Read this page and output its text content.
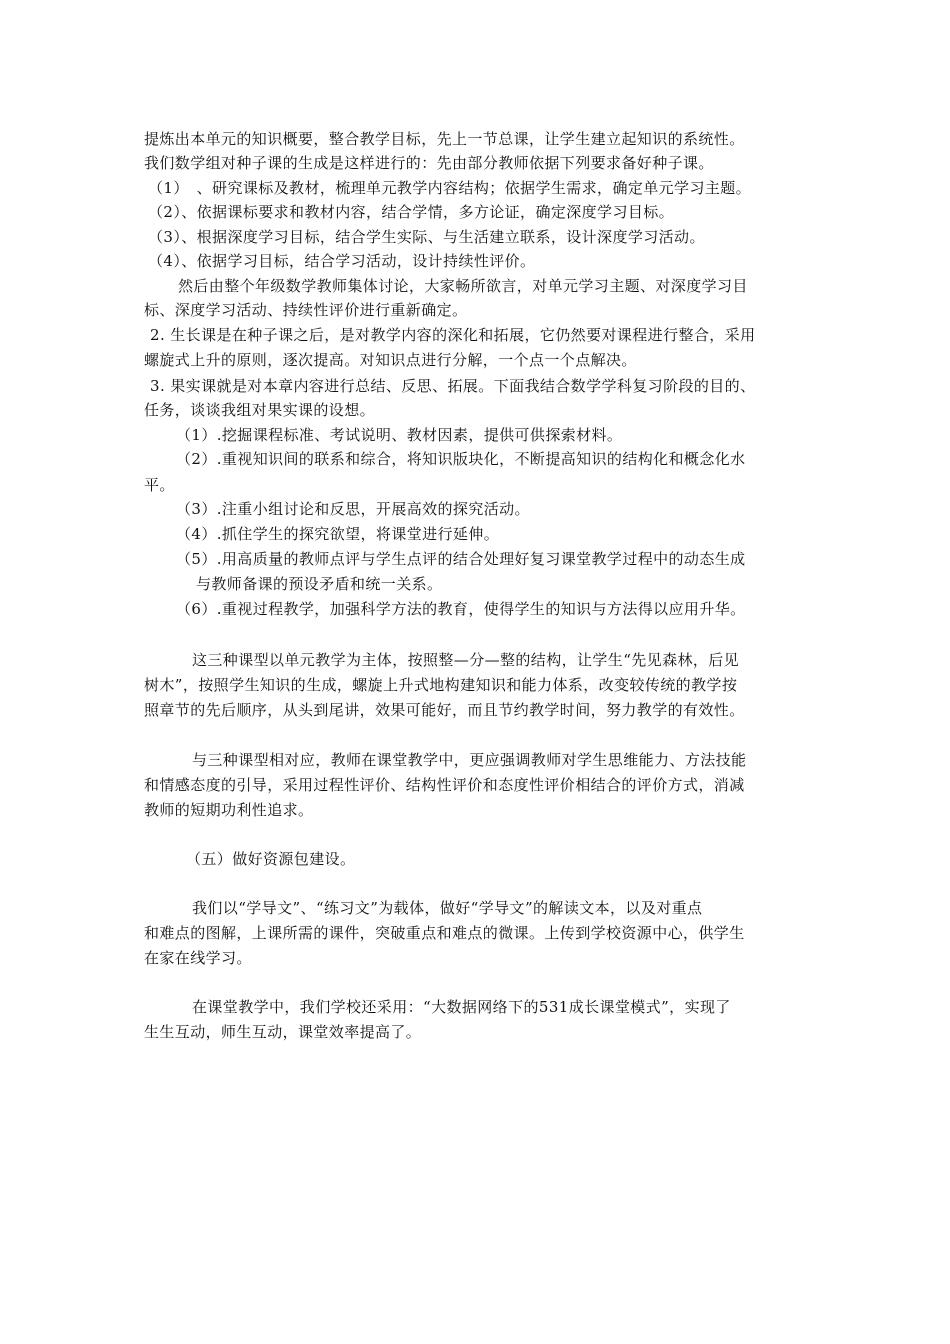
提炼出本单元的知识概要，整合教学目标，先上一节总课，让学生建立起知识的系统性。
我们数学组对种子课的生成是这样进行的：先由部分教师依据下列要求备好种子课。
（1）　、研究课标及教材，梳理单元教学内容结构；依据学生需求，确定单元学习主题。
（2）、依据课标要求和教材内容，结合学情，多方论证，确定深度学习目标。
（3）、根据深度学习目标，结合学生实际、与生活建立联系，设计深度学习活动。
（4）、依据学习目标，结合学习活动，设计持续性评价。
然后由整个年级数学教师集体讨论，大家畅所欲言，对单元学习主题、对深度学习目
标、深度学习活动、持续性评价进行重新确定。
2. 生长课是在种子课之后，是对教学内容的深化和拓展，它仍然要对课程进行整合，采用
螺旋式上升的原则，逐次提高。对知识点进行分解，一个点一个点解决。
3. 果实课就是对本章内容进行总结、反思、拓展。下面我结合数学学科复习阶段的目的、
任务，谈谈我组对果实课的设想。
（1）.挖掘课程标准、考试说明、教材因素，提供可供探索材料。
（2）.重视知识间的联系和综合，将知识版块化，不断提高知识的结构化和概念化水
平。
（3）.注重小组讨论和反思，开展高效的探究活动。
（4）.抓住学生的探究欲望，将课堂进行延伸。
（5）.用高质量的教师点评与学生点评的结合处理好复习课堂教学过程中的动态生成
与教师备课的预设矛盾和统一关系。
（6）.重视过程教学，加强科学方法的教育，使得学生的知识与方法得以应用升华。
这三种课型以单元教学为主体，按照整—分—整的结构，让学生“先见森林，后见
树木”，按照学生知识的生成，螺旋上升式地构建知识和能力体系，改变较传统的教学按
照章节的先后顺序，从头到尾讲，效果可能好，而且节约教学时间，努力教学的有效性。
与三种课型相对应，教师在课堂教学中，更应强调教师对学生思维能力、方法技能
和情感态度的引导，采用过程性评价、结构性评价和态度性评价相结合的评价方式，消减
教师的短期功利性追求。
（五）做好资源包建设。
我们以“学导文”、“练习文”为载体，做好“学导文”的解读文本，以及对重点
和难点的图解，上课所需的课件，突破重点和难点的微课。上传到学校资源中心，供学生
在家在线学习。
在课堂教学中，我们学校还采用：“大数据网络下的531成长课堂模式”，实现了
生生互动，师生互动，课堂效率提高了。
